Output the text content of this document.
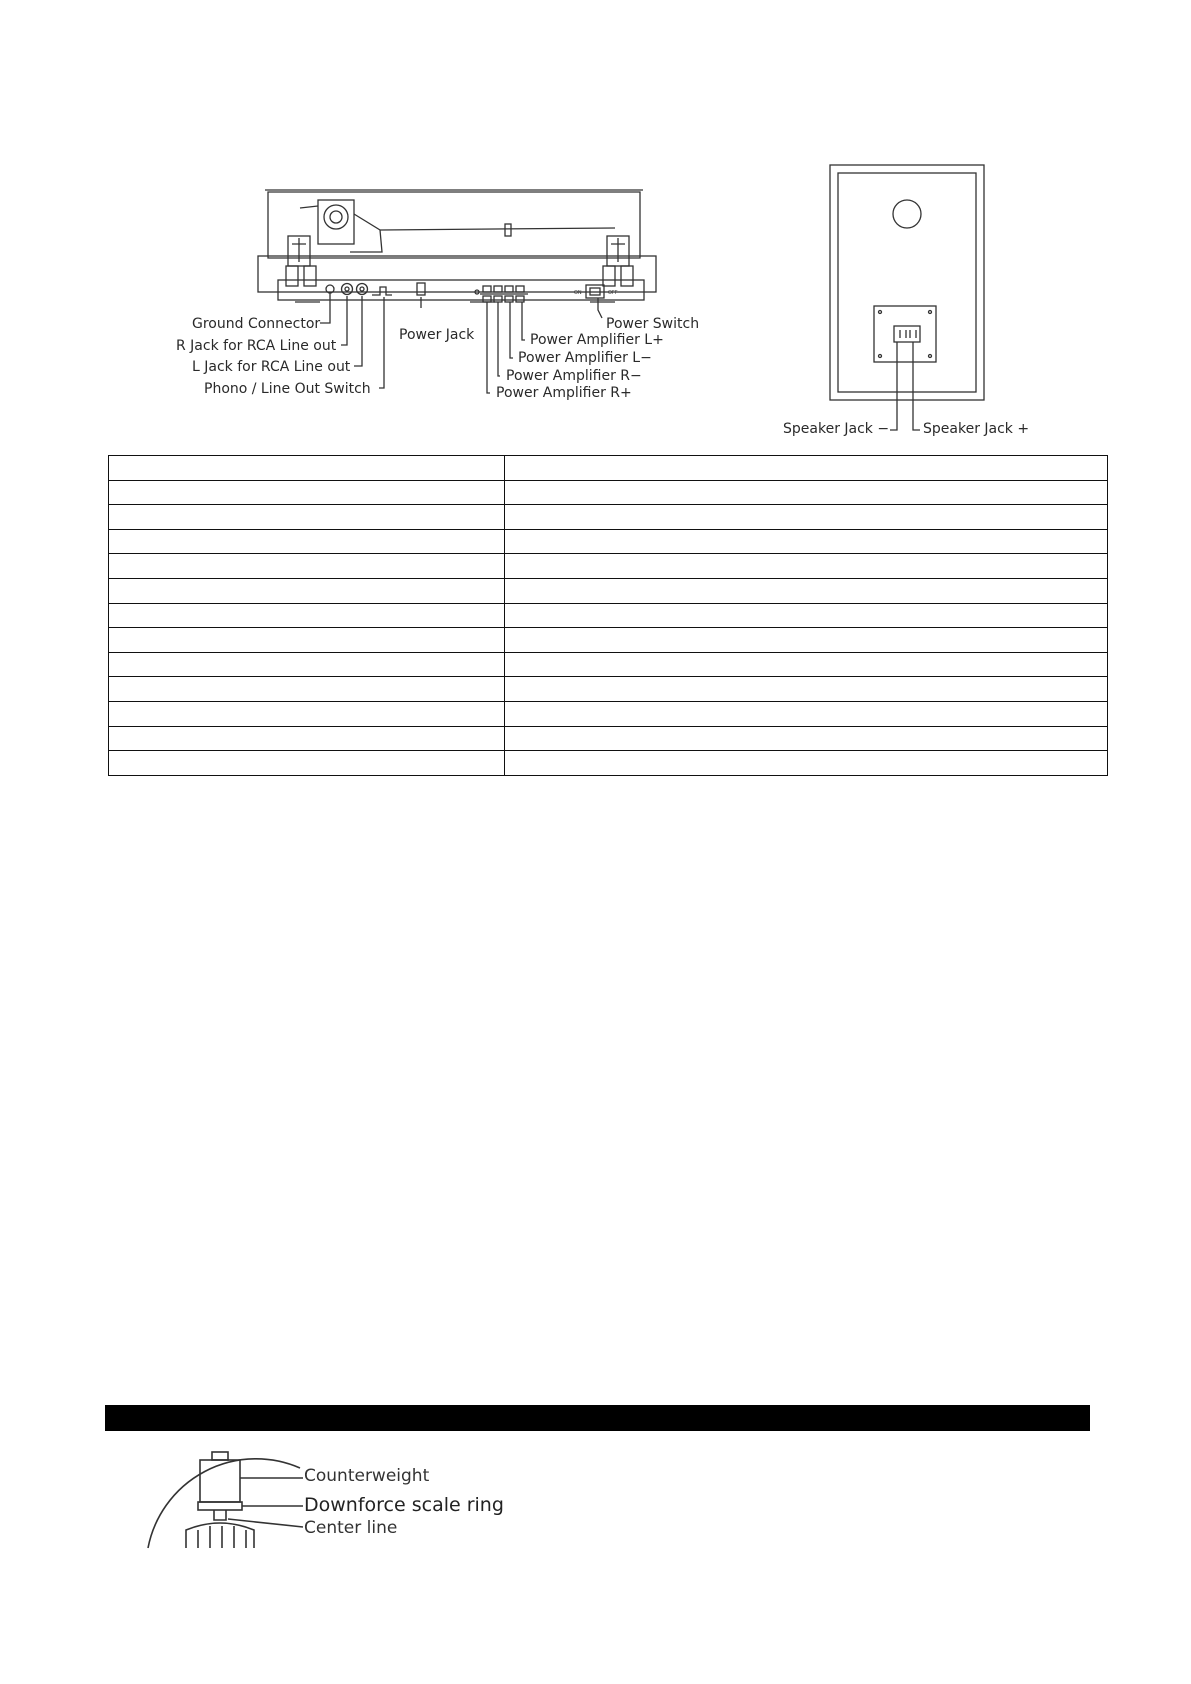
ON	OFF
Ground Connector
R Jack for RCA Line out
L Jack for RCA Line out
Phono / Line Out Switch
Power Jack
Power Switch
Power Amplifier L+
Power Amplifier L−
Power Amplifier R−
Power Amplifier R+
Speaker Jack − Speaker Jack +

Counterweight
Downforce scale ring
Center line
